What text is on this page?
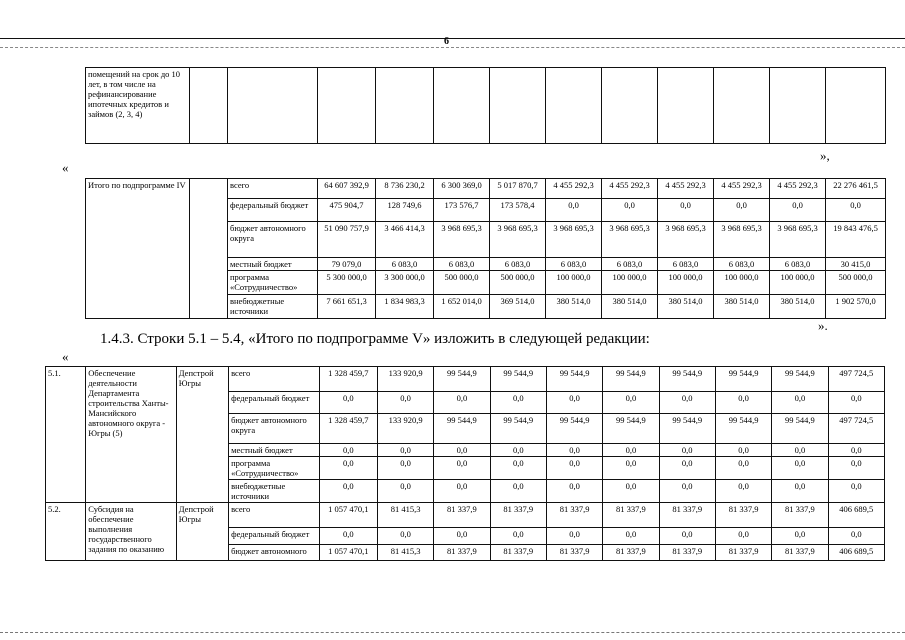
6
помещений на срок до 10 лет, в том числе на рефинансирование ипотечных кредитов и займов (2, 3, 4)												
«
»,
Итого по подпрограмме IV		всего	64 607 392,9	8 736 230,2	6 300 369,0	5 017 870,7	4 455 292,3	4 455 292,3	4 455 292,3	4 455 292,3	4 455 292,3	22 276 461,5
		федеральный бюджет	475 904,7	128 749,6	173 576,7	173 578,4	0,0	0,0	0,0	0,0	0,0	0,0
		бюджет автономного округа	51 090 757,9	3 466 414,3	3 968 695,3	3 968 695,3	3 968 695,3	3 968 695,3	3 968 695,3	3 968 695,3	3 968 695,3	19 843 476,5
		местный бюджет	79 079,0	6 083,0	6 083,0	6 083,0	6 083,0	6 083,0	6 083,0	6 083,0	6 083,0	30 415,0
		программа «Сотрудничество»	5 300 000,0	3 300 000,0	500 000,0	500 000,0	100 000,0	100 000,0	100 000,0	100 000,0	100 000,0	500 000,0
		внебюджетные источники	7 661 651,3	1 834 983,3	1 652 014,0	369 514,0	380 514,0	380 514,0	380 514,0	380 514,0	380 514,0	1 902 570,0
».
1.4.3. Строки 5.1 – 5.4, «Итого по подпрограмме V» изложить в следующей редакции:
«
5.1.	Обеспечение деятельности Департамента строительства Ханты-Мансийского автономного округа - Югры (5)	Депстрой Югры	всего	1 328 459,7	133 920,9	99 544,9	99 544,9	99 544,9	99 544,9	99 544,9	99 544,9	99 544,9	497 724,5
			федеральный бюджет	0,0	0,0	0,0	0,0	0,0	0,0	0,0	0,0	0,0	0,0
			бюджет автономного округа	1 328 459,7	133 920,9	99 544,9	99 544,9	99 544,9	99 544,9	99 544,9	99 544,9	99 544,9	497 724,5
			местный бюджет	0,0	0,0	0,0	0,0	0,0	0,0	0,0	0,0	0,0	0,0
			программа «Сотрудничество»	0,0	0,0	0,0	0,0	0,0	0,0	0,0	0,0	0,0	0,0
			внебюджетные источники	0,0	0,0	0,0	0,0	0,0	0,0	0,0	0,0	0,0	0,0
5.2.	Субсидия на обеспечение выполнения государственного задания по оказанию	Депстрой Югры	всего	1 057 470,1	81 415,3	81 337,9	81 337,9	81 337,9	81 337,9	81 337,9	81 337,9	81 337,9	406 689,5
			федеральный бюджет	0,0	0,0	0,0	0,0	0,0	0,0	0,0	0,0	0,0	0,0
			бюджет автономного	1 057 470,1	81 415,3	81 337,9	81 337,9	81 337,9	81 337,9	81 337,9	81 337,9	81 337,9	406 689,5
